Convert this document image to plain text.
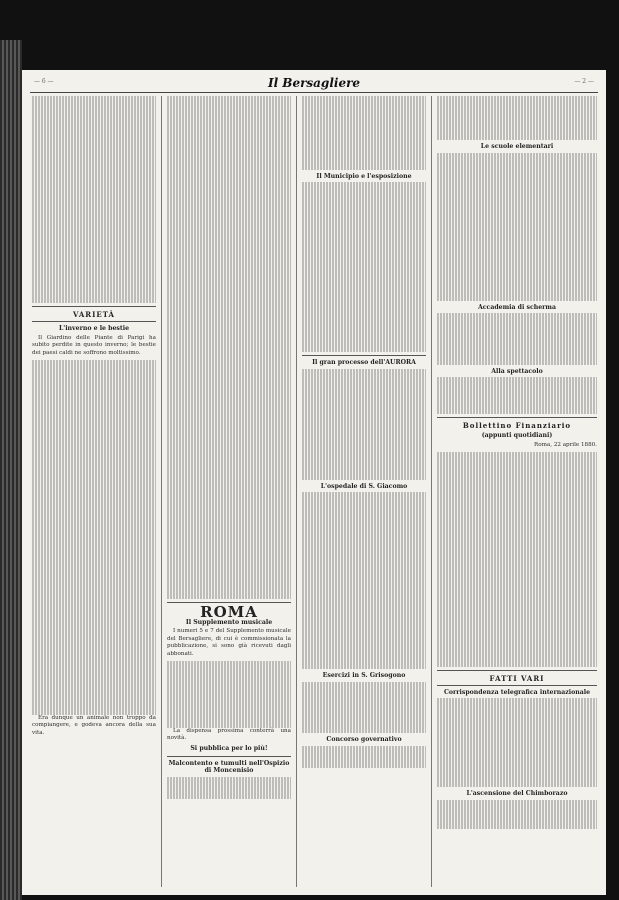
— 6 —	Il Bersagliere	— 2 —
VARIETÀ
L'inverno e le bestie

Il Giardino delle Piante di Parigi ha subito perdite in questo inverno; le bestie dei paesi caldi ne soffrono moltissimo.

Era dunque un animale non troppo da compiangere, e godeva ancora della sua vita.

ROMA
Il Supplemento musicale

I numeri 5 e 7 del Supplemento musicale del Bersagliere, di cui è commissionata la pubblicazione, si sono già ricevuti dagli abbonati.

La dispensa prossima conterrà una novità.

Si pubblica per lo più!
Malcontento e tumulti nell'Ospizio di Moncenisio
Il Municipio e l'esposizione
Il gran processo dell'AURORA
L'ospedale di S. Giacomo
Esercizi in S. Grisogono
Concorso governativo
Le scuole elementari
Accademia di scherma
Alla spettacolo
Bollettino Finanziario
(appunti quotidiani)

Roma, 22 aprile 1880.

FATTI VARI
Corrispondenza telegrafica internazionale
L'ascensione del Chimborazo
